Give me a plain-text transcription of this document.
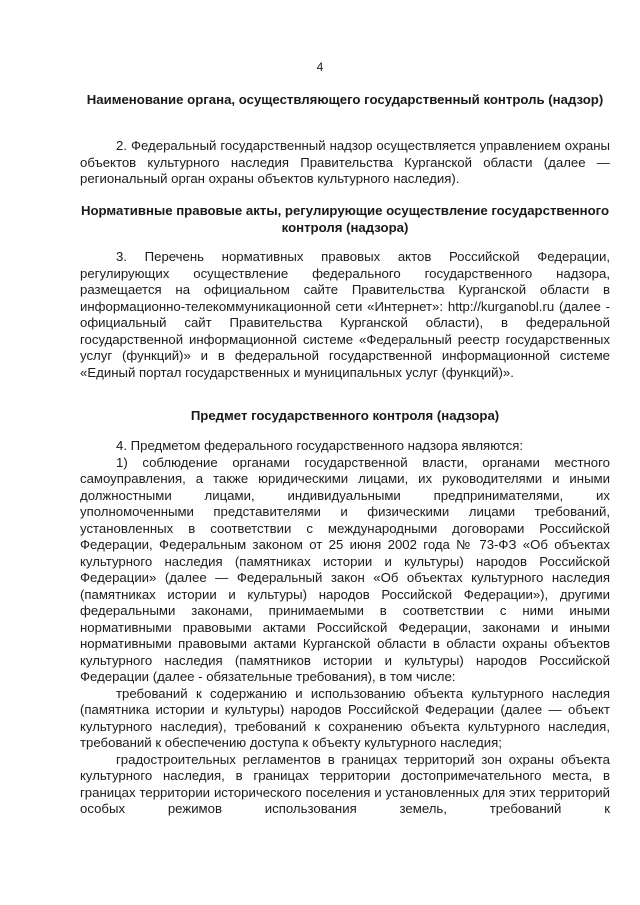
4
Наименование органа, осуществляющего государственный контроль (надзор)

2. Федеральный государственный надзор осуществляется управлением охраны объектов культурного наследия Правительства Курганской области (далее — региональный орган охраны объектов культурного наследия).

Нормативные правовые акты, регулирующие осуществление государственного контроля (надзора)

3. Перечень нормативных правовых актов Российской Федерации, регулирующих осуществление федерального государственного надзора, размещается на официальном сайте Правительства Курганской области в информационно-телекоммуникационной сети «Интернет»: http://kurganobl.ru (далее - официальный сайт Правительства Курганской области), в федеральной государственной информационной системе «Федеральный реестр государственных услуг (функций)» и в федеральной государственной информационной системе «Единый портал государственных и муниципальных услуг (функций)».

Предмет государственного контроля (надзора)

4. Предметом федерального государственного надзора являются:

1) соблюдение органами государственной власти, органами местного самоуправления, а также юридическими лицами, их руководителями и иными должностными лицами, индивидуальными предпринимателями, их уполномоченными представителями и физическими лицами требований, установленных в соответствии с международными договорами Российской Федерации, Федеральным законом от 25 июня 2002 года № 73-ФЗ «Об объектах культурного наследия (памятниках истории и культуры) народов Российской Федерации» (далее — Федеральный закон «Об объектах культурного наследия (памятниках истории и культуры) народов Российской Федерации»), другими федеральными законами, принимаемыми в соответствии с ними иными нормативными правовыми актами Российской Федерации, законами и иными нормативными правовыми актами Курганской области в области охраны объектов культурного наследия (памятников истории и культуры) народов Российской Федерации (далее - обязательные требования), в том числе:

требований к содержанию и использованию объекта культурного наследия (памятника истории и культуры) народов Российской Федерации (далее — объект культурного наследия), требований к сохранению объекта культурного наследия, требований к обеспечению доступа к объекту культурного наследия;

градостроительных регламентов в границах территорий зон охраны объекта культурного наследия, в границах территории достопримечательного места, в границах территории исторического поселения и установленных для этих территорий особых режимов использования земель, требований к
